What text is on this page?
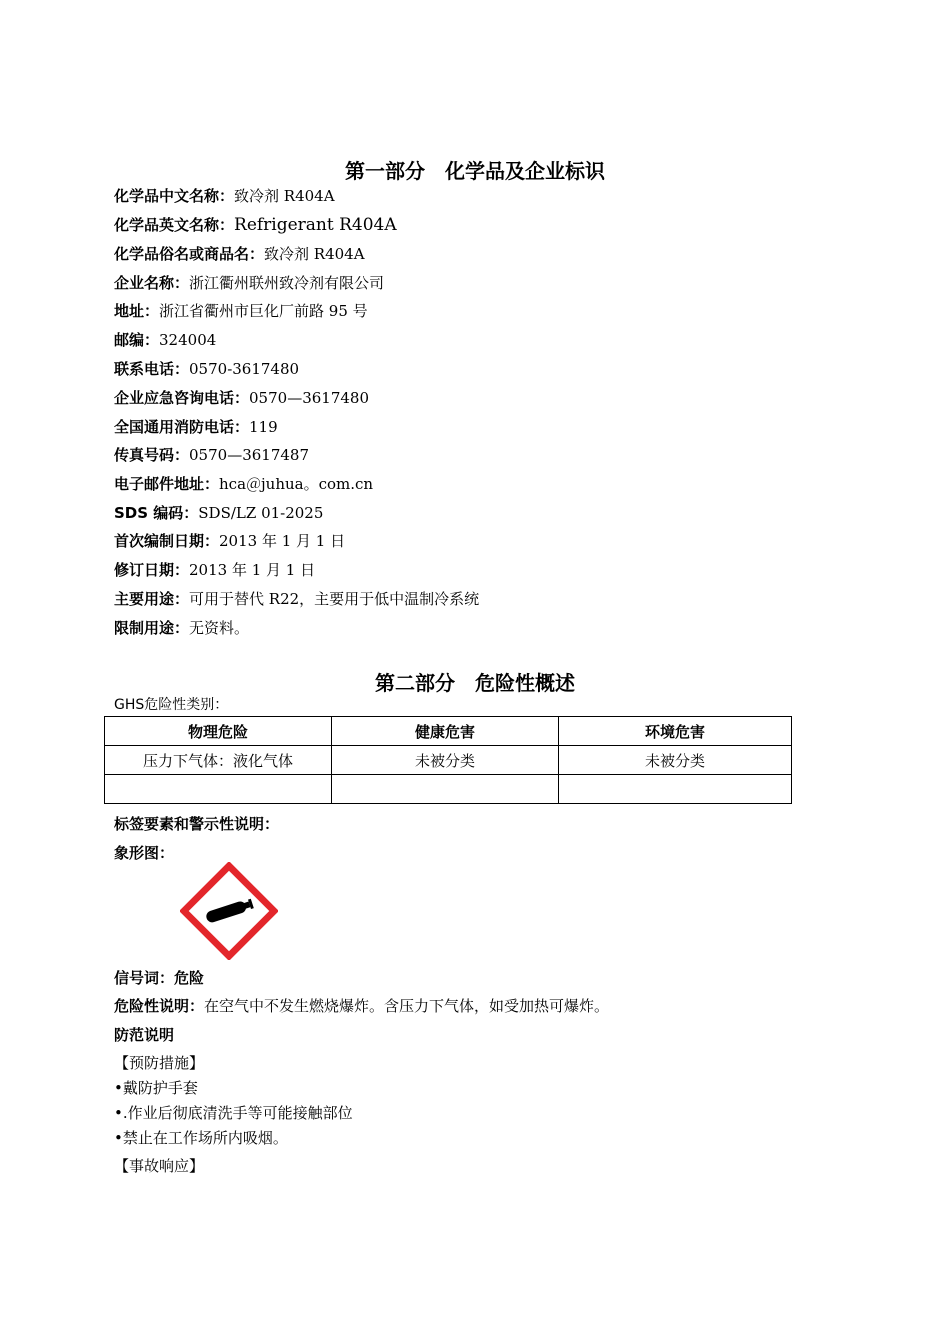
第一部分　化学品及企业标识
化学品中文名称：致冷剂 R404A
化学品英文名称：Refrigerant R404A
化学品俗名或商品名：致冷剂 R404A
企业名称：浙江衢州联州致冷剂有限公司
地址：浙江省衢州市巨化厂前路 95 号
邮编：324004
联系电话：0570-3617480
企业应急咨询电话：0570—3617480
全国通用消防电话：119
传真号码：0570—3617487
电子邮件地址：hca＠juhua。com.cn
SDS 编码：SDS/LZ 01-2025
首次编制日期：2013 年 1 月 1 日
修订日期：2013 年 1 月 1 日
主要用途：可用于替代 R22，主要用于低中温制冷系统
限制用途：无资料。
第二部分　危险性概述
GHS危险性类别：
物理危险	健康危害	环境危害
压力下气体：液化气体	未被分类	未被分类

标签要素和警示性说明：
象形图：
信号词：危险
危险性说明：在空气中不发生燃烧爆炸。含压力下气体，如受加热可爆炸。
防范说明
【预防措施】
•戴防护手套
•.作业后彻底清洗手等可能接触部位
•禁止在工作场所内吸烟。
【事故响应】
